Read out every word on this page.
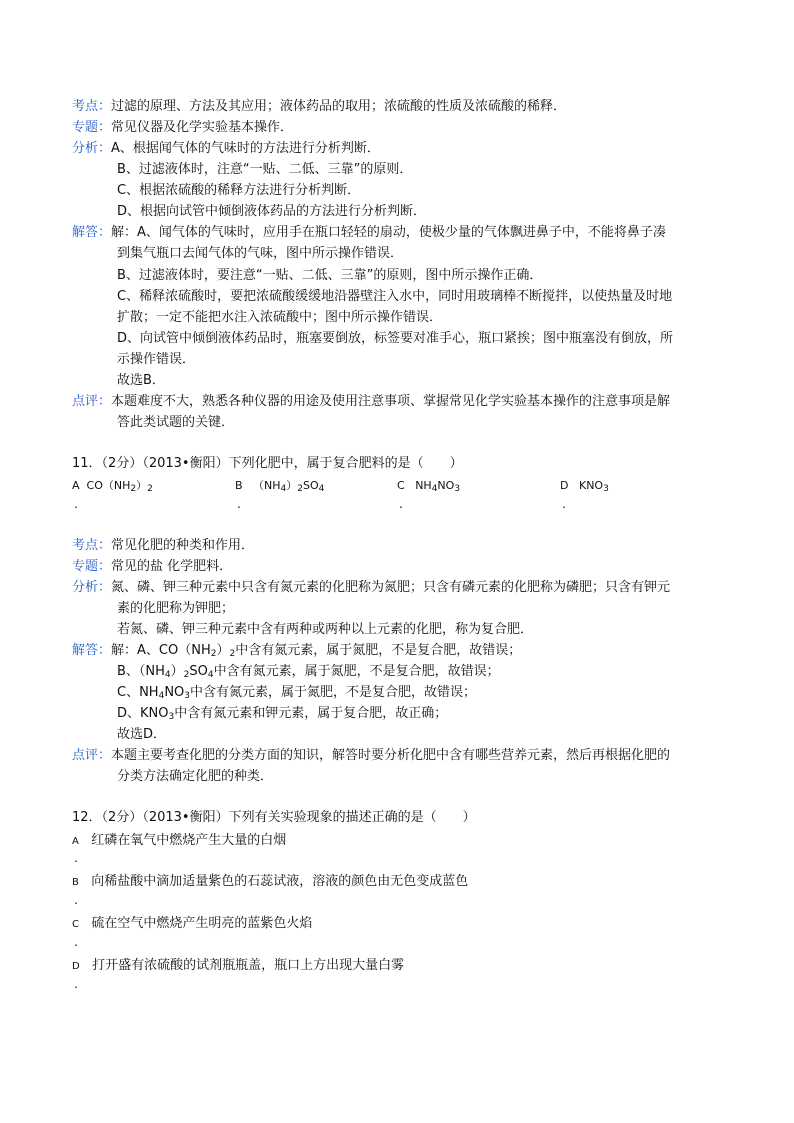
考点：过滤的原理、方法及其应用；液体药品的取用；浓硫酸的性质及浓硫酸的稀释．
专题：常见仪器及化学实验基本操作．
分析：A、根据闻气体的气味时的方法进行分析判断．
B、过滤液体时，注意“一贴、二低、三靠”的原则．
C、根据浓硫酸的稀释方法进行分析判断．
D、根据向试管中倾倒液体药品的方法进行分析判断．
解答：解：A、闻气体的气味时，应用手在瓶口轻轻的扇动，使极少量的气体飘进鼻子中，不能将鼻子凑
到集气瓶口去闻气体的气味，图中所示操作错误．
B、过滤液体时，要注意“一贴、二低、三靠”的原则，图中所示操作正确．
C、稀释浓硫酸时，要把浓硫酸缓缓地沿器壁注入水中，同时用玻璃棒不断搅拌，以使热量及时地
扩散；一定不能把水注入浓硫酸中；图中所示操作错误．
D、向试管中倾倒液体药品时，瓶塞要倒放，标签要对准手心，瓶口紧挨；图中瓶塞没有倒放，所
示操作错误．
故选B．
点评：本题难度不大，熟悉各种仪器的用途及使用注意事项、掌握常见化学实验基本操作的注意事项是解
答此类试题的关键．
11．（2分）（2013•衡阳）下列化肥中，属于复合肥料的是（　　）
A $CO(NH_2)_2$	B $(NH_4)_2SO_4$	C $NH_4NO_3$	D $KNO_3$
.	.	.	.
考点：常见化肥的种类和作用．
专题：常见的盐 化学肥料．
分析：氮、磷、钾三种元素中只含有氮元素的化肥称为氮肥；只含有磷元素的化肥称为磷肥；只含有钾元
素的化肥称为钾肥；
若氮、磷、钾三种元素中含有两种或两种以上元素的化肥，称为复合肥．
解答：解：A、$CO(NH_2)_2$中含有氮元素，属于氮肥，不是复合肥，故错误；
B、$(NH_4)_2SO_4$中含有氮元素，属于氮肥，不是复合肥，故错误；
C、$NH_4NO_3$中含有氮元素，属于氮肥，不是复合肥，故错误；
D、$KNO_3$中含有氮元素和钾元素，属于复合肥，故正确；
故选D．
点评：本题主要考查化肥的分类方面的知识，解答时要分析化肥中含有哪些营养元素，然后再根据化肥的
分类方法确定化肥的种类．
12．（2分）（2013•衡阳）下列有关实验现象的描述正确的是（　　）
A 红磷在氧气中燃烧产生大量的白烟
.
B 向稀盐酸中滴加适量紫色的石蕊试液，溶液的颜色由无色变成蓝色
.
C 硫在空气中燃烧产生明亮的蓝紫色火焰
.
D 打开盛有浓硫酸的试剂瓶瓶盖，瓶口上方出现大量白雾
.
